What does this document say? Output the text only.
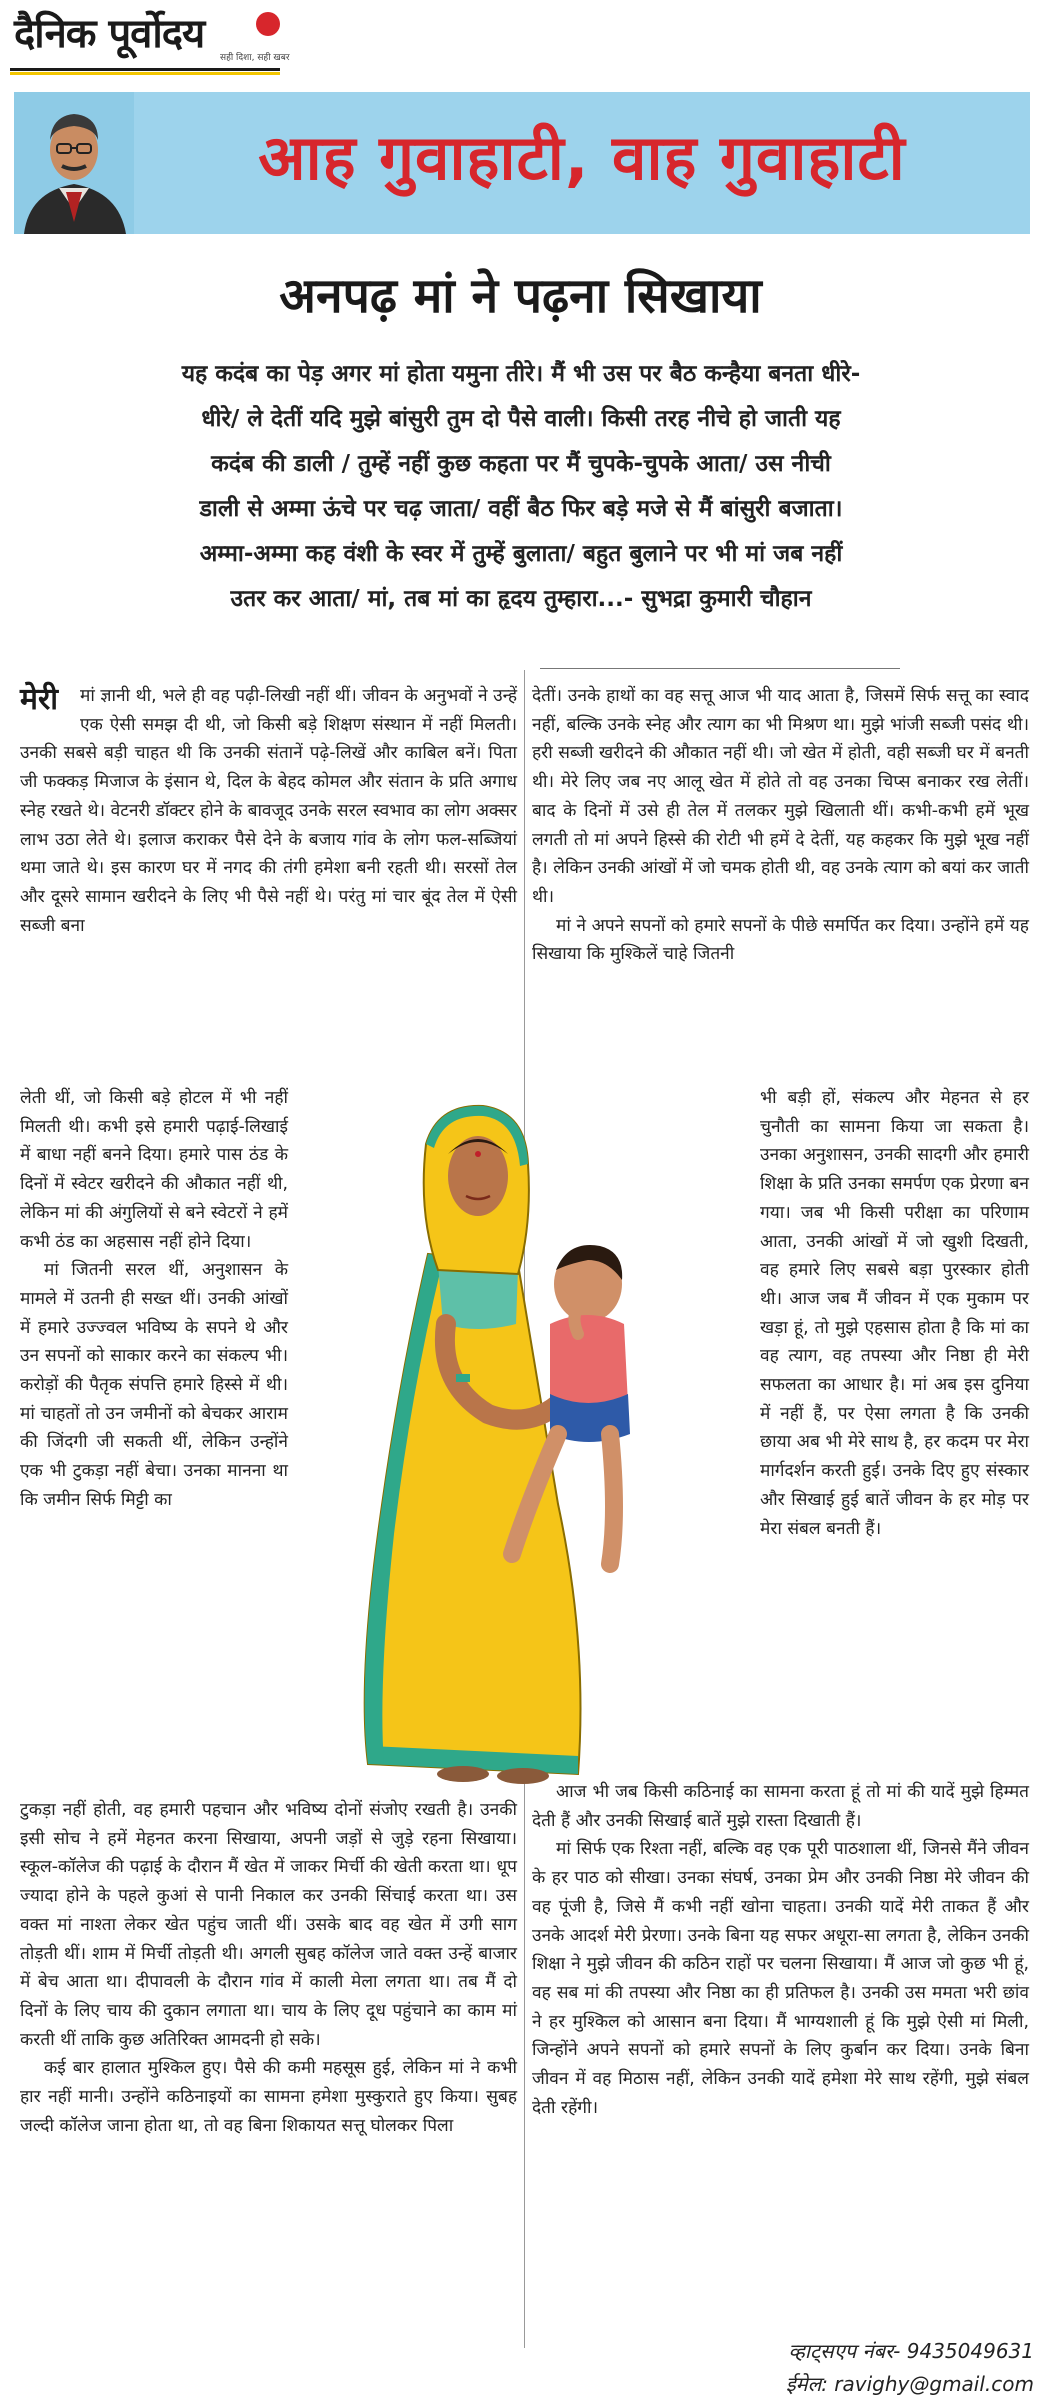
दैनिक पूर्वोदय
सही दिशा, सही खबर
आह गुवाहाटी, वाह गुवाहाटी
अनपढ़ मां ने पढ़ना सिखाया
यह कदंब का पेड़ अगर मां होता यमुना तीरे। मैं भी उस पर बैठ कन्हैया बनता धीरे-
धीरे/ ले देतीं यदि मुझे बांसुरी तुम दो पैसे वाली। किसी तरह नीचे हो जाती यह
कदंब की डाली / तुम्हें नहीं कुछ कहता पर मैं चुपके-चुपके आता/ उस नीची
डाली से अम्मा ऊंचे पर चढ़ जाता/ वहीं बैठ फिर बड़े मजे से मैं बांसुरी बजाता।
अम्मा-अम्मा कह वंशी के स्वर में तुम्हें बुलाता/ बहुत बुलाने पर भी मां जब नहीं
उतर कर आता/ मां, तब मां का हृदय तुम्हारा...- सुभद्रा कुमारी चौहान
मेरी	मां ज्ञानी थी, भले ही वह पढ़ी-लिखी नहीं थीं। जीवन के अनुभवों ने उन्हें एक ऐसी समझ दी थी, जो किसी बड़े शिक्षण संस्थान में नहीं मिलती। उनकी सबसे बड़ी चाहत थी कि उनकी संतानें पढ़े-लिखें और काबिल बनें। पिता जी फक्कड़ मिजाज के इंसान थे, दिल के बेहद कोमल और संतान के प्रति अगाध स्नेह रखते थे। वेटनरी डॉक्टर होने के बावजूद उनके सरल स्वभाव का लोग अक्सर लाभ उठा लेते थे। इलाज कराकर पैसे देने के बजाय गांव के लोग फल-सब्जियां थमा जाते थे। इस कारण घर में नगद की तंगी हमेशा बनी रहती थी। सरसों तेल और दूसरे सामान खरीदने के लिए भी पैसे नहीं थे। परंतु मां चार बूंद तेल में ऐसी सब्जी बना

लेती थीं, जो किसी बड़े होटल में भी नहीं मिलती थी। कभी इसे हमारी पढ़ाई-लिखाई में बाधा नहीं बनने दिया। हमारे पास ठंड के दिनों में स्वेटर खरीदने की औकात नहीं थी, लेकिन मां की अंगुलियों से बने स्वेटरों ने हमें कभी ठंड का अहसास नहीं होने दिया।

मां जितनी सरल थीं, अनुशासन के मामले में उतनी ही सख्त थीं। उनकी आंखों में हमारे उज्ज्वल भविष्य के सपने थे और उन सपनों को साकार करने का संकल्प भी। करोड़ों की पैतृक संपत्ति हमारे हिस्से में थी। मां चाहतों तो उन जमीनों को बेचकर आराम की जिंदगी जी सकती थीं, लेकिन उन्होंने एक भी टुकड़ा नहीं बेचा। उनका मानना था कि जमीन सिर्फ मिट्टी का

देतीं। उनके हाथों का वह सत्तू आज भी याद आता है, जिसमें सिर्फ सत्तू का स्वाद नहीं, बल्कि उनके स्नेह और त्याग का भी मिश्रण था। मुझे भांजी सब्जी पसंद थी। हरी सब्जी खरीदने की औकात नहीं थी। जो खेत में होती, वही सब्जी घर में बनती थी। मेरे लिए जब नए आलू खेत में होते तो वह उनका चिप्स बनाकर रख लेतीं। बाद के दिनों में उसे ही तेल में तलकर मुझे खिलाती थीं। कभी-कभी हमें भूख लगती तो मां अपने हिस्से की रोटी भी हमें दे देतीं, यह कहकर कि मुझे भूख नहीं है। लेकिन उनकी आंखों में जो चमक होती थी, वह उनके त्याग को बयां कर जाती थी।

मां ने अपने सपनों को हमारे सपनों के पीछे समर्पित कर दिया। उन्होंने हमें यह सिखाया कि मुश्किलें चाहे जितनी

भी बड़ी हों, संकल्प और मेहनत से हर चुनौती का सामना किया जा सकता है। उनका अनुशासन, उनकी सादगी और हमारी शिक्षा के प्रति उनका समर्पण एक प्रेरणा बन गया। जब भी किसी परीक्षा का परिणाम आता, उनकी आंखों में जो खुशी दिखती, वह हमारे लिए सबसे बड़ा पुरस्कार होती थी। आज जब मैं जीवन में एक मुकाम पर खड़ा हूं, तो मुझे एहसास होता है कि मां का वह त्याग, वह तपस्या और निष्ठा ही मेरी सफलता का आधार है। मां अब इस दुनिया में नहीं हैं, पर ऐसा लगता है कि उनकी छाया अब भी मेरे साथ है, हर कदम पर मेरा मार्गदर्शन करती हुई। उनके दिए हुए संस्कार और सिखाई हुई बातें जीवन के हर मोड़ पर मेरा संबल बनती हैं।

टुकड़ा नहीं होती, वह हमारी पहचान और भविष्य दोनों संजोए रखती है। उनकी इसी सोच ने हमें मेहनत करना सिखाया, अपनी जड़ों से जुड़े रहना सिखाया। स्कूल-कॉलेज की पढ़ाई के दौरान मैं खेत में जाकर मिर्ची की खेती करता था। धूप ज्यादा होने के पहले कुआं से पानी निकाल कर उनकी सिंचाई करता था। उस वक्त मां नाश्ता लेकर खेत पहुंच जाती थीं। उसके बाद वह खेत में उगी साग तोड़ती थीं। शाम में मिर्ची तोड़ती थी। अगली सुबह कॉलेज जाते वक्त उन्हें बाजार में बेच आता था। दीपावली के दौरान गांव में काली मेला लगता था। तब मैं दो दिनों के लिए चाय की दुकान लगाता था। चाय के लिए दूध पहुंचाने का काम मां करती थीं ताकि कुछ अतिरिक्त आमदनी हो सके।

कई बार हालात मुश्किल हुए। पैसे की कमी महसूस हुई, लेकिन मां ने कभी हार नहीं मानी। उन्होंने कठिनाइयों का सामना हमेशा मुस्कुराते हुए किया। सुबह जल्दी कॉलेज जाना होता था, तो वह बिना शिकायत सत्तू घोलकर पिला

आज भी जब किसी कठिनाई का सामना करता हूं तो मां की यादें मुझे हिम्मत देती हैं और उनकी सिखाई बातें मुझे रास्ता दिखाती हैं।

मां सिर्फ एक रिश्ता नहीं, बल्कि वह एक पूरी पाठशाला थीं, जिनसे मैंने जीवन के हर पाठ को सीखा। उनका संघर्ष, उनका प्रेम और उनकी निष्ठा मेरे जीवन की वह पूंजी है, जिसे मैं कभी नहीं खोना चाहता। उनकी यादें मेरी ताकत हैं और उनके आदर्श मेरी प्रेरणा। उनके बिना यह सफर अधूरा-सा लगता है, लेकिन उनकी शिक्षा ने मुझे जीवन की कठिन राहों पर चलना सिखाया। मैं आज जो कुछ भी हूं, वह सब मां की तपस्या और निष्ठा का ही प्रतिफल है। उनकी उस ममता भरी छांव ने हर मुश्किल को आसान बना दिया। मैं भाग्यशाली हूं कि मुझे ऐसी मां मिली, जिन्होंने अपने सपनों को हमारे सपनों के लिए कुर्बान कर दिया। उनके बिना जीवन में वह मिठास नहीं, लेकिन उनकी यादें हमेशा मेरे साथ रहेंगी, मुझे संबल देती रहेंगी।

व्हाट्सएप नंबर- 9435049631
ईमेल: ravighy@gmail.com
